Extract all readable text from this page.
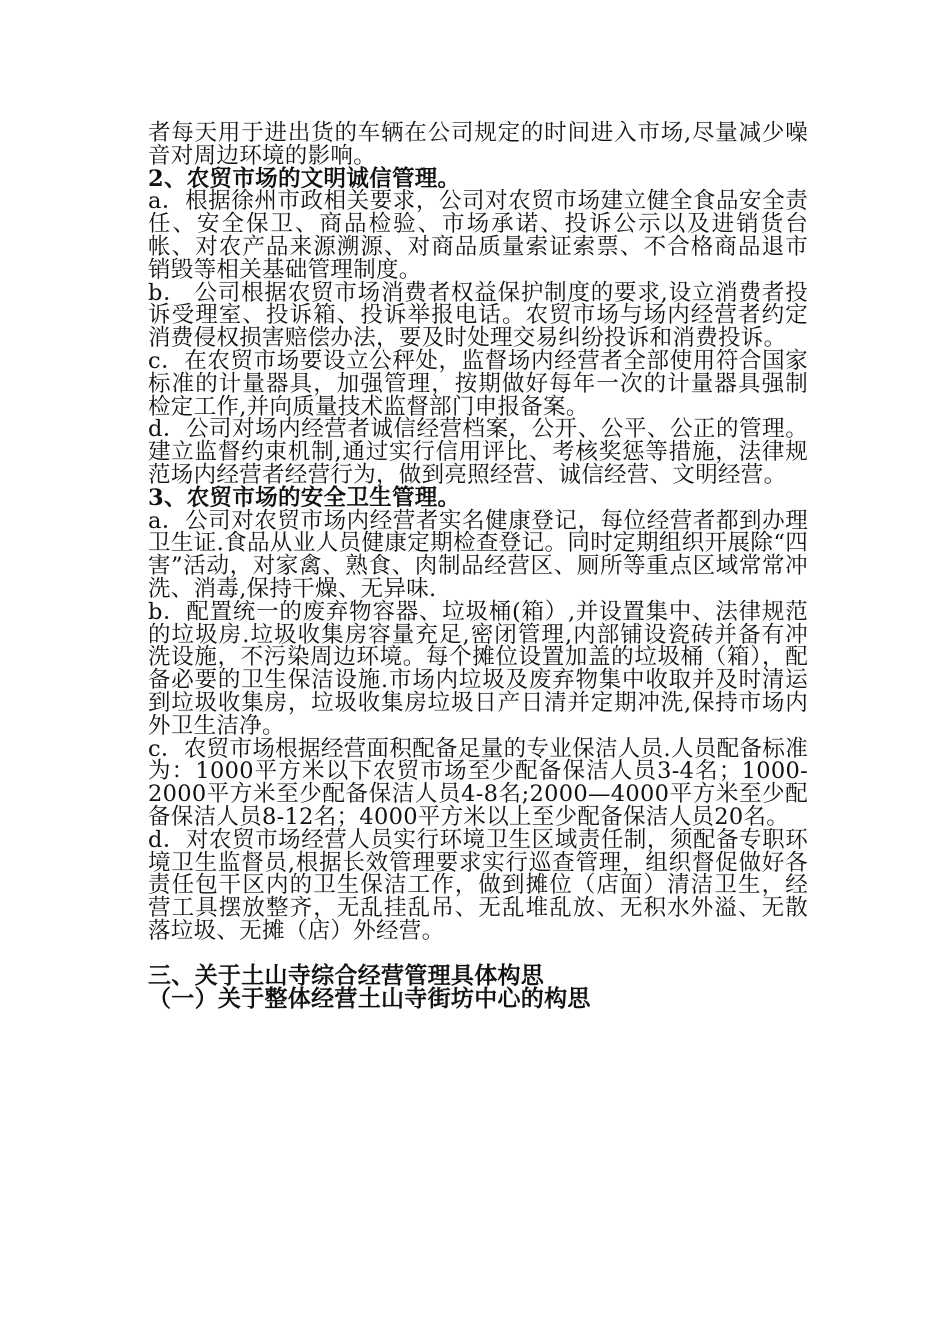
者每天用于进出货的车辆在公司规定的时间进入市场,尽量减少噪音对周边环境的影响。

2、农贸市场的文明诚信管理。

a．根据徐州市政相关要求，公司对农贸市场建立健全食品安全责任、安全保卫、商品检验、市场承诺、投诉公示以及进销货台帐、对农产品来源溯源、对商品质量索证索票、不合格商品退市销毁等相关基础管理制度。

b． 公司根据农贸市场消费者权益保护制度的要求,设立消费者投诉受理室、投诉箱、投诉举报电话。农贸市场与场内经营者约定消费侵权损害赔偿办法，要及时处理交易纠纷投诉和消费投诉。

c．在农贸市场要设立公秤处，监督场内经营者全部使用符合国家标准的计量器具，加强管理，按期做好每年一次的计量器具强制检定工作,并向质量技术监督部门申报备案。

d．公司对场内经营者诚信经营档案，公开、公平、公正的管理。建立监督约束机制,通过实行信用评比、考核奖惩等措施，法律规范场内经营者经营行为，做到亮照经营、诚信经营、文明经营。

3、农贸市场的安全卫生管理。

a．公司对农贸市场内经营者实名健康登记，每位经营者都到办理卫生证.食品从业人员健康定期检查登记。同时定期组织开展除“四害”活动，对家禽、熟食、肉制品经营区、厕所等重点区域常常冲洗、消毒,保持干燥、无异味.

b．配置统一的废弃物容器、垃圾桶(箱）,并设置集中、法律规范的垃圾房.垃圾收集房容量充足,密闭管理,内部铺设瓷砖并备有冲洗设施，不污染周边环境。每个摊位设置加盖的垃圾桶（箱），配备必要的卫生保洁设施.市场内垃圾及废弃物集中收取并及时清运到垃圾收集房，垃圾收集房垃圾日产日清并定期冲洗,保持市场内外卫生洁净。

c．农贸市场根据经营面积配备足量的专业保洁人员.人员配备标准为：1000平方米以下农贸市场至少配备保洁人员3-4名；1000-2000平方米至少配备保洁人员4-8名;2000—4000平方米至少配备保洁人员8-12名；4000平方米以上至少配备保洁人员20名。

d．对农贸市场经营人员实行环境卫生区域责任制，须配备专职环境卫生监督员,根据长效管理要求实行巡查管理，组织督促做好各责任包干区内的卫生保洁工作，做到摊位（店面）清洁卫生，经营工具摆放整齐，无乱挂乱吊、无乱堆乱放、无积水外溢、无散落垃圾、无摊（店）外经营。

三、关于土山寺综合经营管理具体构思

（一）关于整体经营土山寺街坊中心的构思
